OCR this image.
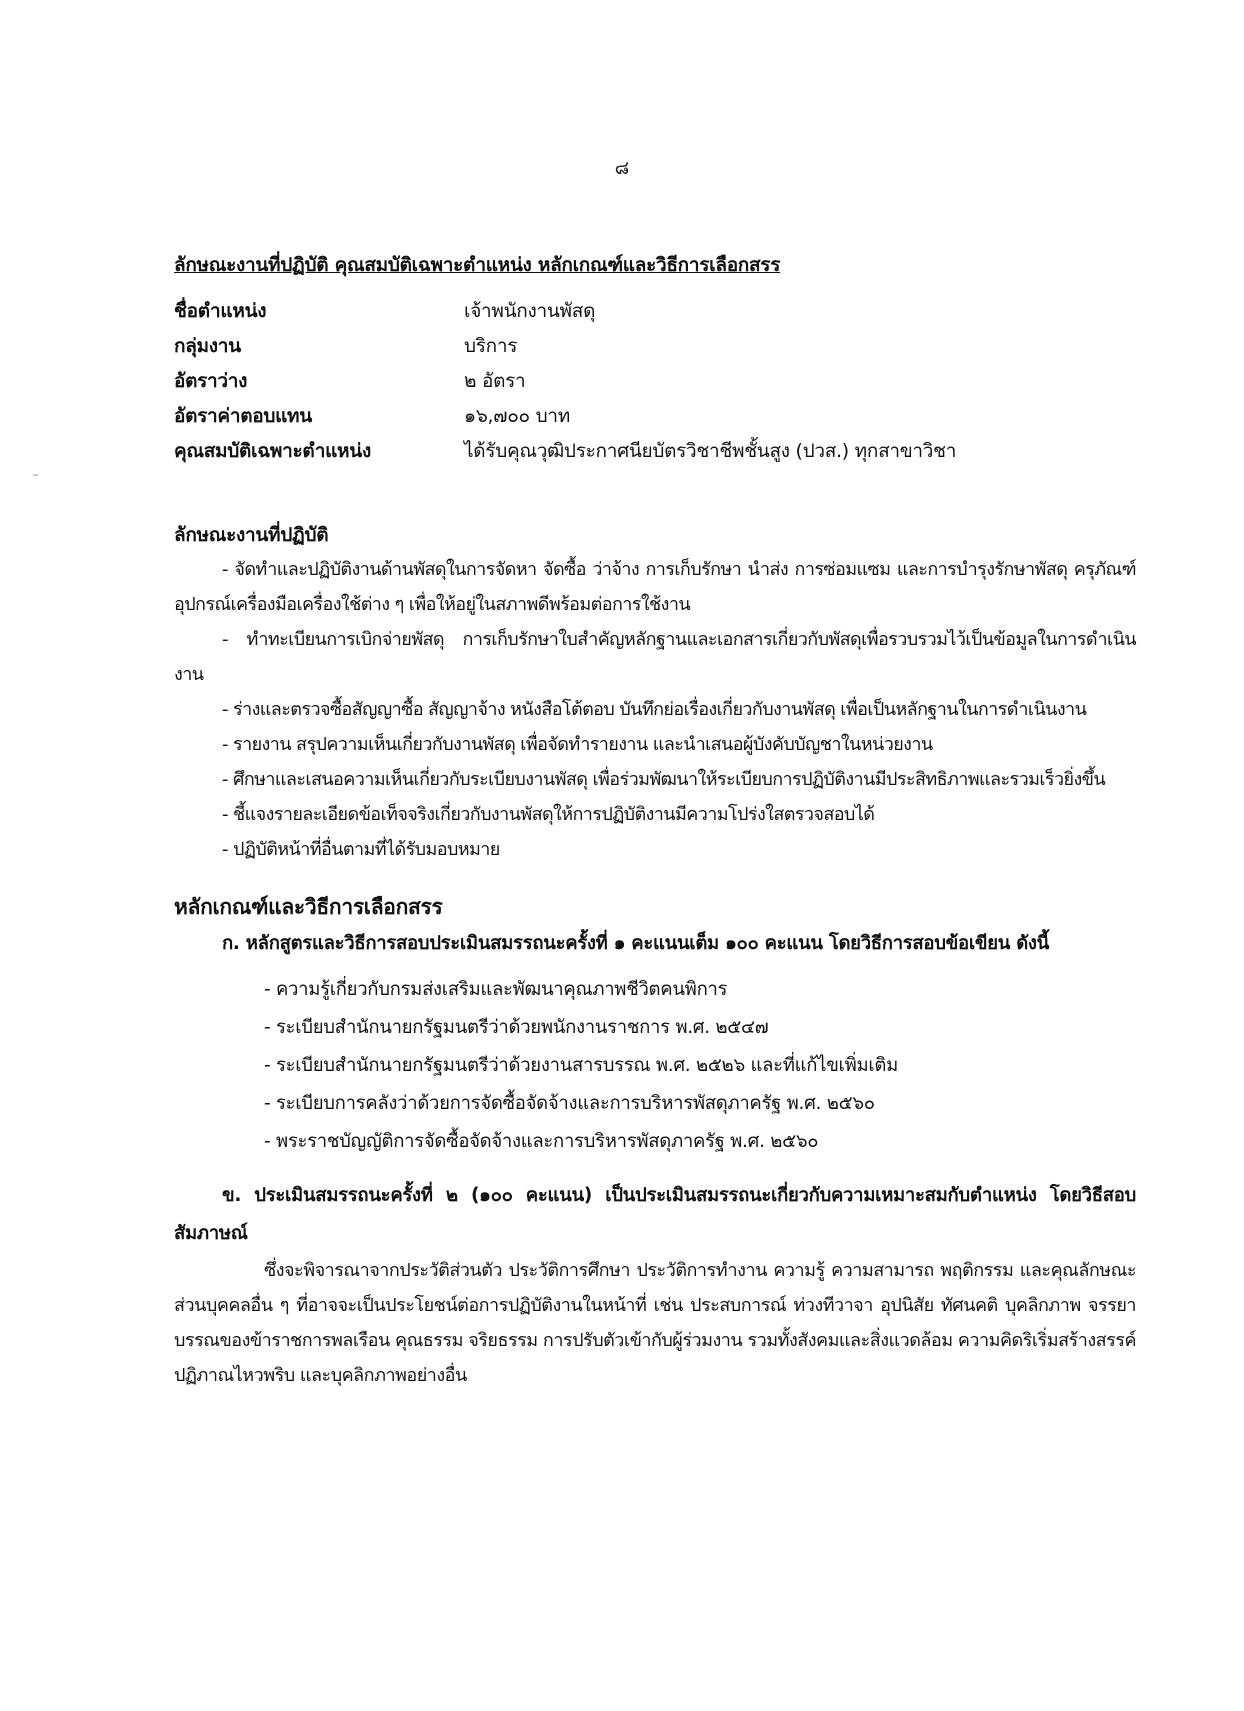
๘
ลักษณะงานที่ปฏิบัติ คุณสมบัติเฉพาะตำแหน่ง หลักเกณฑ์และวิธีการเลือกสรร
ชื่อตำแหน่ง	เจ้าพนักงานพัสดุ
กลุ่มงาน	บริการ
อัตราว่าง	๒ อัตรา
อัตราค่าตอบแทน	๑๖,๗๐๐ บาท
คุณสมบัติเฉพาะตำแหน่ง	ได้รับคุณวุฒิประกาศนียบัตรวิชาชีพชั้นสูง (ปวส.) ทุกสาขาวิชา
ลักษณะงานที่ปฏิบัติ

- จัดทำและปฏิบัติงานด้านพัสดุในการจัดหา จัดซื้อ ว่าจ้าง การเก็บรักษา นำส่ง การซ่อมแซม และการบำรุงรักษาพัสดุ ครุภัณฑ์ อุปกรณ์เครื่องมือเครื่องใช้ต่าง ๆ เพื่อให้อยู่ในสภาพดีพร้อมต่อการใช้งาน

- ทำทะเบียนการเบิกจ่ายพัสดุ การเก็บรักษาใบสำคัญหลักฐานและเอกสารเกี่ยวกับพัสดุเพื่อรวบรวมไว้เป็นข้อมูลในการดำเนินงาน

- ร่างและตรวจซื้อสัญญาซื้อ สัญญาจ้าง หนังสือโต้ตอบ บันทึกย่อเรื่องเกี่ยวกับงานพัสดุ เพื่อเป็นหลักฐานในการดำเนินงาน

- รายงาน สรุปความเห็นเกี่ยวกับงานพัสดุ เพื่อจัดทำรายงาน และนำเสนอผู้บังคับบัญชาในหน่วยงาน

- ศึกษาและเสนอความเห็นเกี่ยวกับระเบียบงานพัสดุ เพื่อร่วมพัฒนาให้ระเบียบการปฏิบัติงานมีประสิทธิภาพและรวมเร็วยิ่งขึ้น

- ชี้แจงรายละเอียดข้อเท็จจริงเกี่ยวกับงานพัสดุให้การปฏิบัติงานมีความโปร่งใสตรวจสอบได้

- ปฏิบัติหน้าที่อื่นตามที่ได้รับมอบหมาย

หลักเกณฑ์และวิธีการเลือกสรร

ก. หลักสูตรและวิธีการสอบประเมินสมรรถนะครั้งที่ ๑ คะแนนเต็ม ๑๐๐ คะแนน โดยวิธีการสอบข้อเขียน ดังนี้

- ความรู้เกี่ยวกับกรมส่งเสริมและพัฒนาคุณภาพชีวิตคนพิการ
- ระเบียบสำนักนายกรัฐมนตรีว่าด้วยพนักงานราชการ พ.ศ. ๒๕๔๗
- ระเบียบสำนักนายกรัฐมนตรีว่าด้วยงานสารบรรณ พ.ศ. ๒๕๒๖ และที่แก้ไขเพิ่มเติม
- ระเบียบการคลังว่าด้วยการจัดซื้อจัดจ้างและการบริหารพัสดุภาครัฐ พ.ศ. ๒๕๖๐
- พระราชบัญญัติการจัดซื้อจัดจ้างและการบริหารพัสดุภาครัฐ พ.ศ. ๒๕๖๐

ข. ประเมินสมรรถนะครั้งที่ ๒ (๑๐๐ คะแนน) เป็นประเมินสมรรถนะเกี่ยวกับความเหมาะสมกับตำแหน่ง โดยวิธีสอบสัมภาษณ์

ซึ่งจะพิจารณาจากประวัติส่วนตัว ประวัติการศึกษา ประวัติการทำงาน ความรู้ ความสามารถ พฤติกรรม และคุณลักษณะส่วนบุคคลอื่น ๆ ที่อาจจะเป็นประโยชน์ต่อการปฏิบัติงานในหน้าที่ เช่น ประสบการณ์ ท่วงทีวาจา อุปนิสัย ทัศนคติ บุคลิกภาพ จรรยาบรรณของข้าราชการพลเรือน คุณธรรม จริยธรรม การปรับตัวเข้ากับผู้ร่วมงาน รวมทั้งสังคมและสิ่งแวดล้อม ความคิดริเริ่มสร้างสรรค์ ปฏิภาณไหวพริบ และบุคลิกภาพอย่างอื่น
